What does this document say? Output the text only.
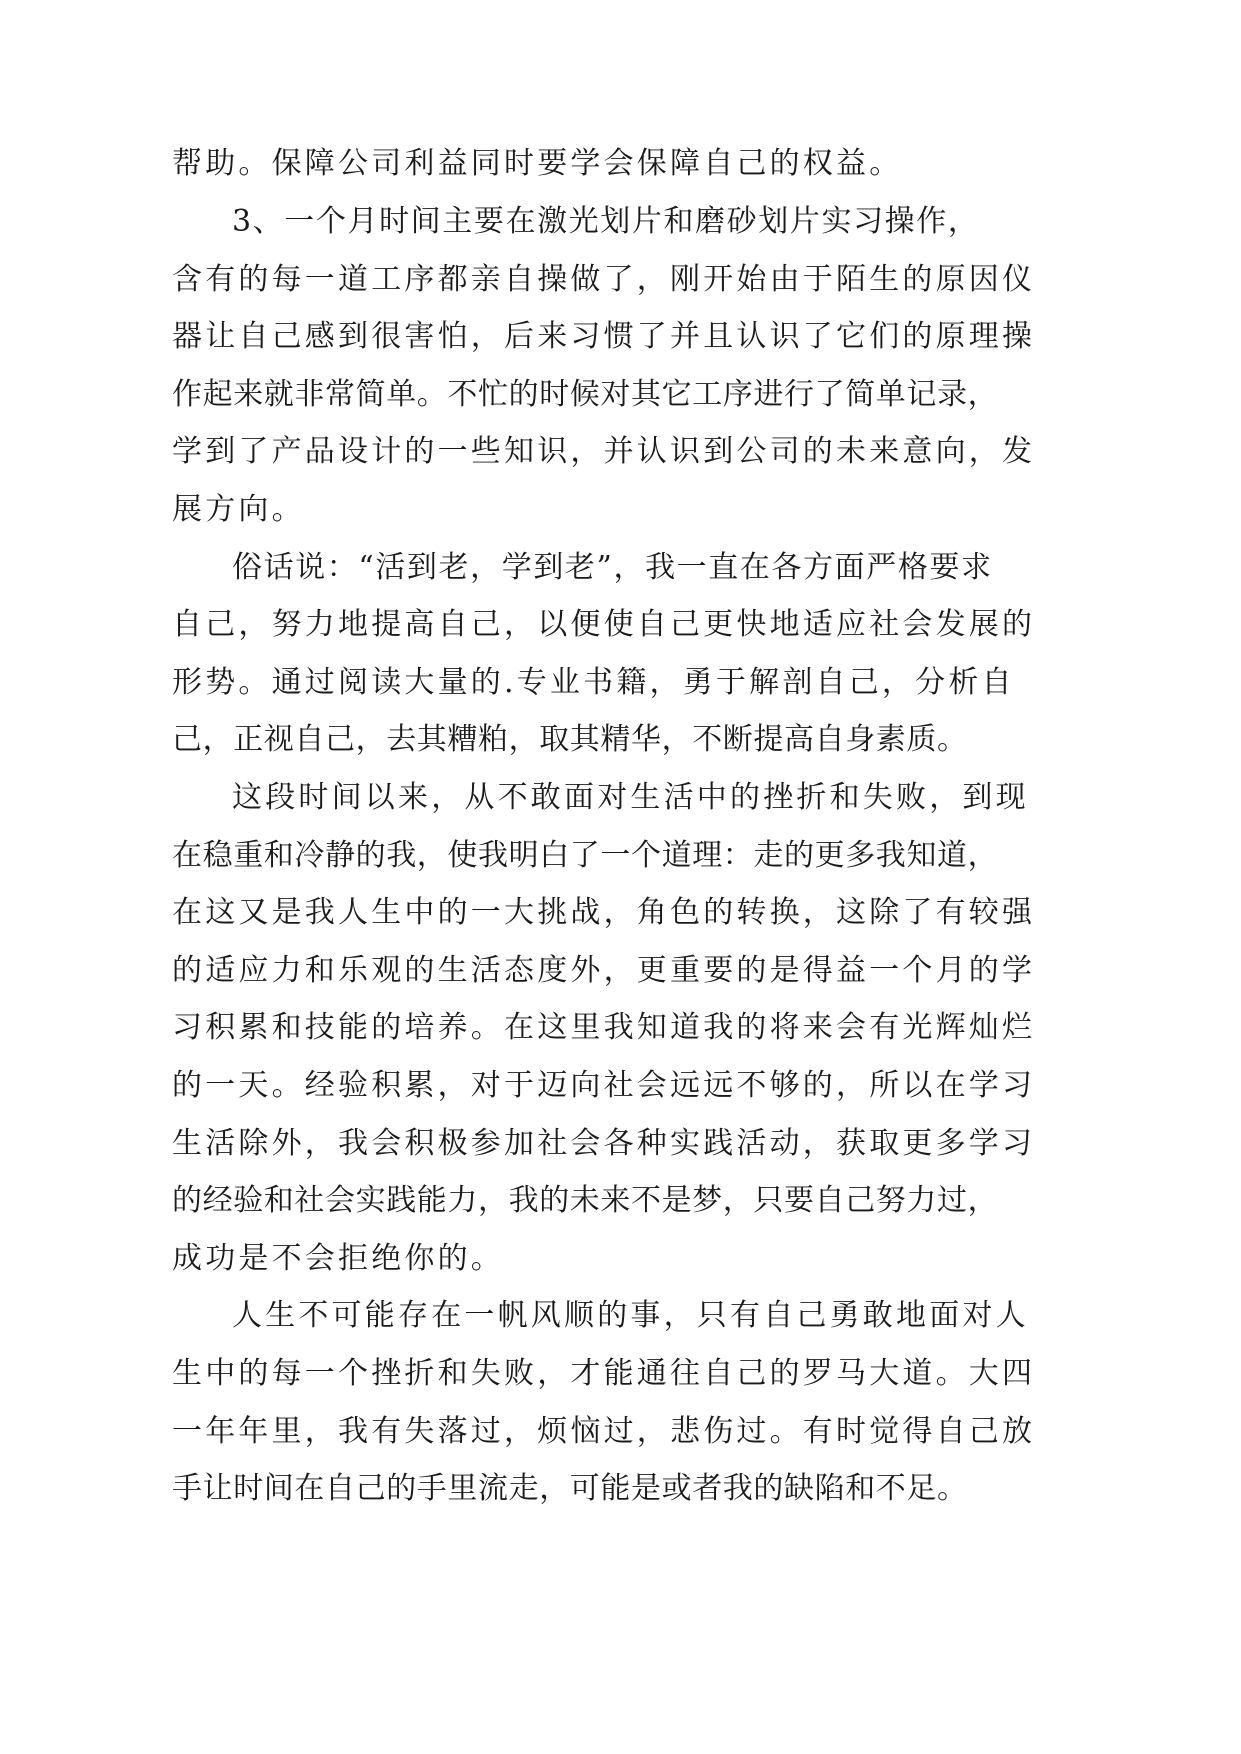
帮助。保障公司利益同时要学会保障自己的权益。

3、一个月时间主要在激光划片和磨砂划片实习操作，

含有的每一道工序都亲自操做了，刚开始由于陌生的原因仪

器让自己感到很害怕，后来习惯了并且认识了它们的原理操

作起来就非常简单。不忙的时候对其它工序进行了简单记录，

学到了产品设计的一些知识，并认识到公司的未来意向，发

展方向。

俗话说：“活到老，学到老”，我一直在各方面严格要求

自己，努力地提高自己，以便使自己更快地适应社会发展的

形势。通过阅读大量的.专业书籍，勇于解剖自己，分析自

己，正视自己，去其糟粕，取其精华，不断提高自身素质。

这段时间以来，从不敢面对生活中的挫折和失败，到现

在稳重和冷静的我，使我明白了一个道理：走的更多我知道，

在这又是我人生中的一大挑战，角色的转换，这除了有较强

的适应力和乐观的生活态度外，更重要的是得益一个月的学

习积累和技能的培养。在这里我知道我的将来会有光辉灿烂

的一天。经验积累，对于迈向社会远远不够的，所以在学习

生活除外，我会积极参加社会各种实践活动，获取更多学习

的经验和社会实践能力，我的未来不是梦，只要自己努力过，

成功是不会拒绝你的。

人生不可能存在一帆风顺的事，只有自己勇敢地面对人

生中的每一个挫折和失败，才能通往自己的罗马大道。大四

一年年里，我有失落过，烦恼过，悲伤过。有时觉得自己放

手让时间在自己的手里流走，可能是或者我的缺陷和不足。
